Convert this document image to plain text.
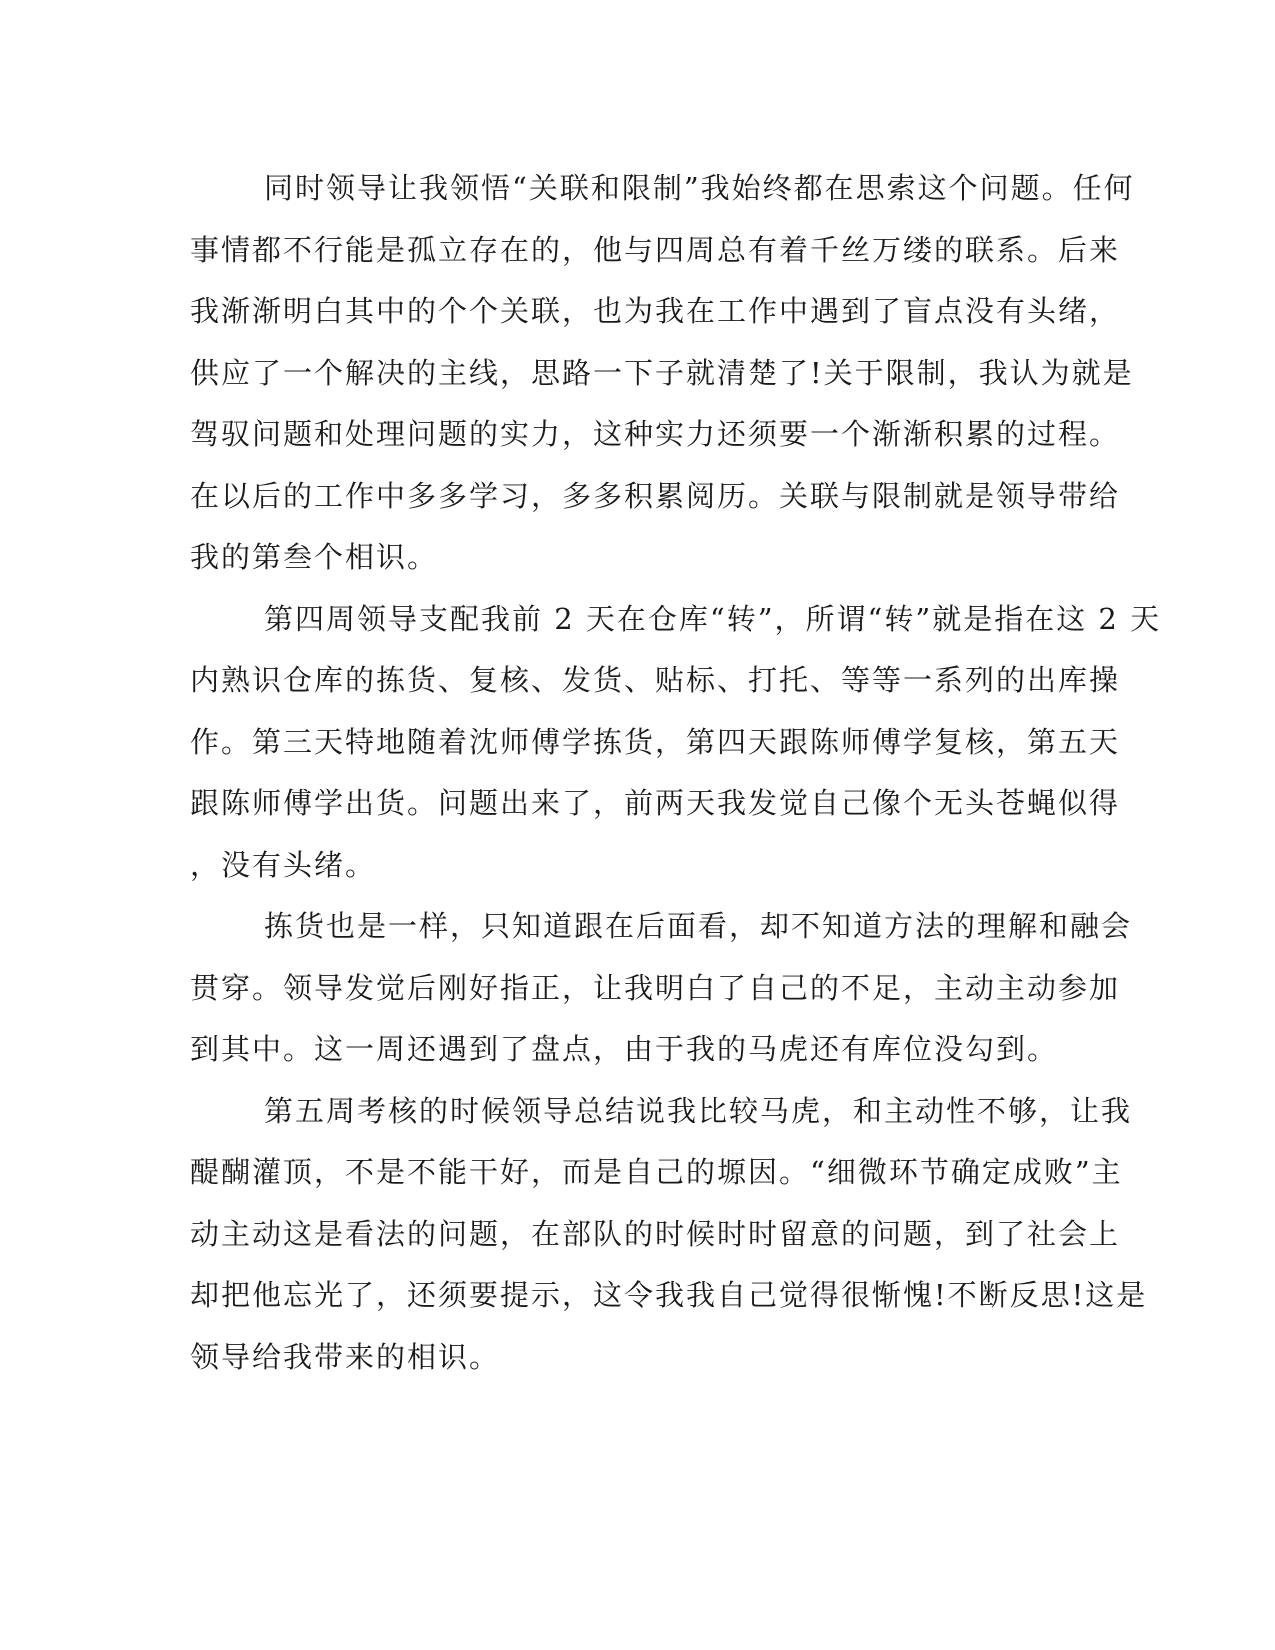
同时领导让我领悟“关联和限制”我始终都在思索这个问题。任何
事情都不行能是孤立存在的，他与四周总有着千丝万缕的联系。后来
我渐渐明白其中的个个关联，也为我在工作中遇到了盲点没有头绪，
供应了一个解决的主线，思路一下子就清楚了!关于限制，我认为就是
驾驭问题和处理问题的实力，这种实力还须要一个渐渐积累的过程。
在以后的工作中多多学习，多多积累阅历。关联与限制就是领导带给
我的第叁个相识。

第四周领导支配我前 2 天在仓库“转”，所谓“转”就是指在这 2 天
内熟识仓库的拣货、复核、发货、贴标、打托、等等一系列的出库操
作。第三天特地随着沈师傅学拣货，第四天跟陈师傅学复核，第五天
跟陈师傅学出货。问题出来了，前两天我发觉自己像个无头苍蝇似得
，没有头绪。

拣货也是一样，只知道跟在后面看，却不知道方法的理解和融会
贯穿。领导发觉后刚好指正，让我明白了自己的不足，主动主动参加
到其中。这一周还遇到了盘点，由于我的马虎还有库位没勾到。

第五周考核的时候领导总结说我比较马虎，和主动性不够，让我
醍醐灌顶，不是不能干好，而是自己的塬因。“细微环节确定成败”主
动主动这是看法的问题，在部队的时候时时留意的问题，到了社会上
却把他忘光了，还须要提示，这令我我自己觉得很惭愧!不断反思!这是
领导给我带来的相识。
